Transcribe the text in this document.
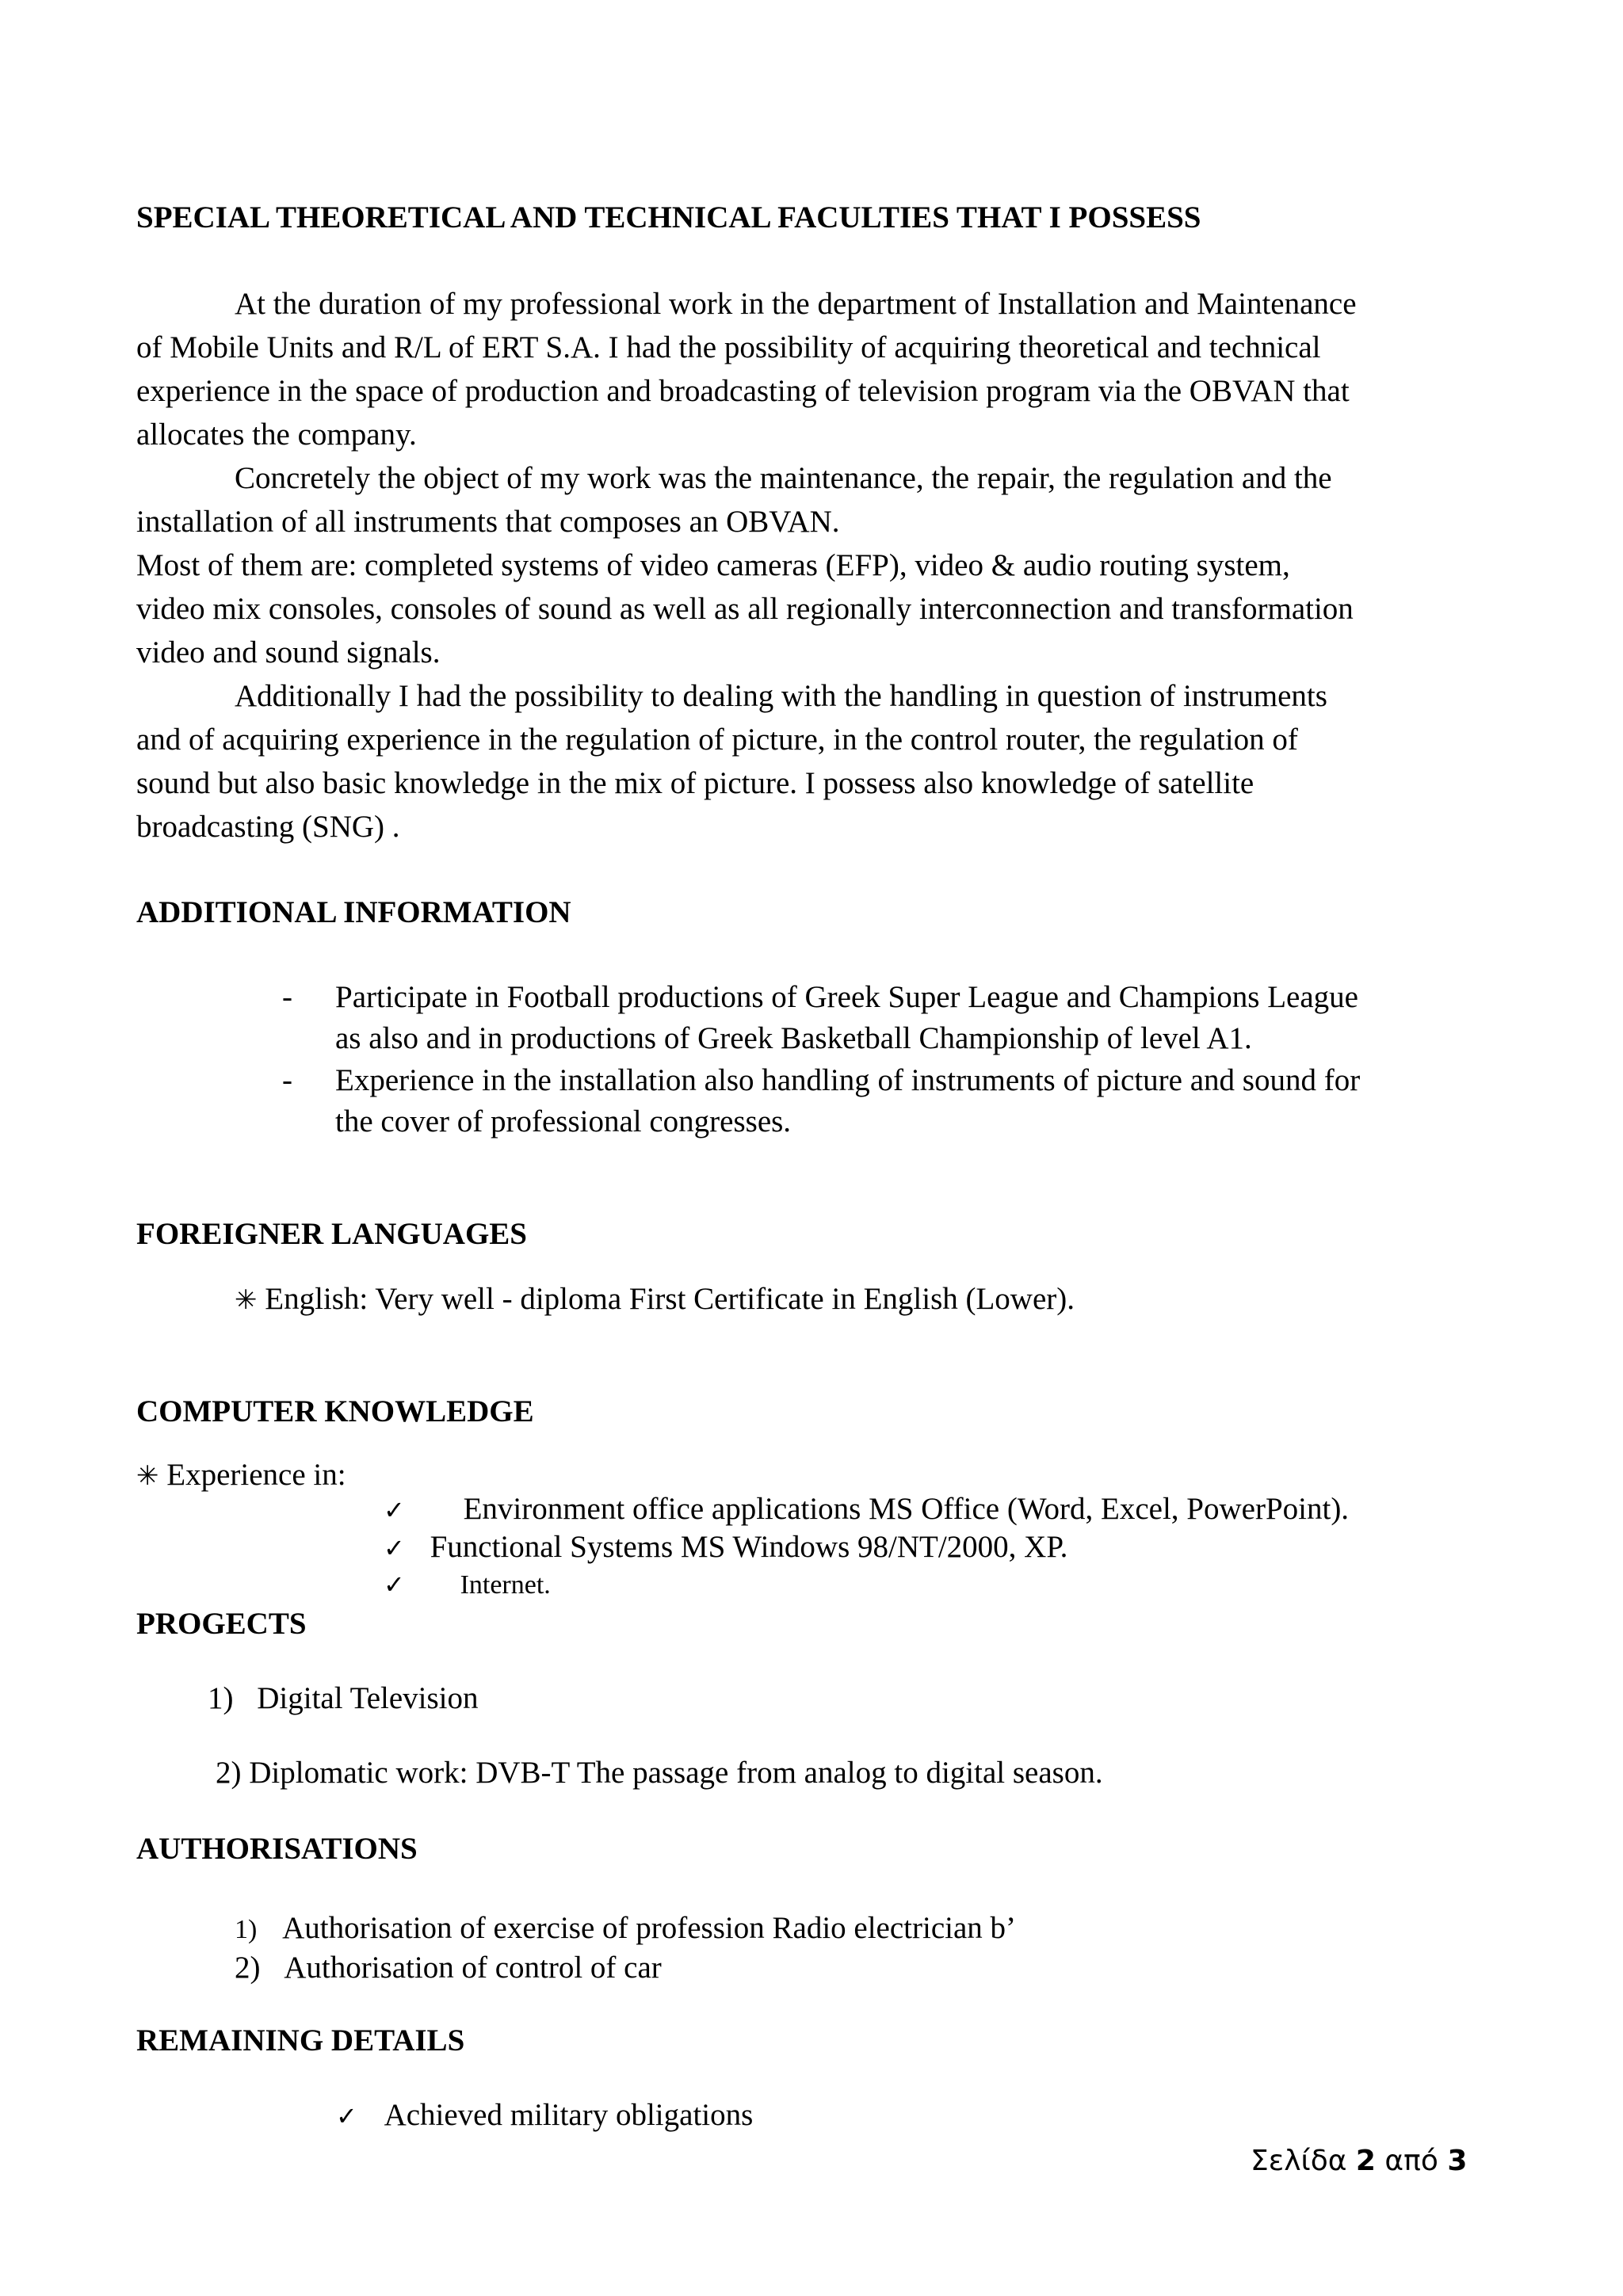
SPECIAL THEORETICAL AND TECHNICAL FACULTIES THAT I POSSESS
At the duration of my professional work in the department of Installation and Maintenance
of Mobile Units and R/L of ERT S.A. I had the possibility of acquiring theoretical and technical
experience in the space of production and broadcasting of television program via the OBVAN that
allocates the company.
Concretely the object of my work was the maintenance, the repair, the regulation and the
installation of all instruments that composes an OBVAN.
Most of them are: completed systems of video cameras (EFP), video & audio routing system,
video mix consoles, consoles of sound as well as all regionally interconnection and transformation
video and sound signals.
Additionally I had the possibility to dealing with the handling in question of instruments
and of acquiring experience in the regulation of picture, in the control router, the regulation of
sound but also basic knowledge in the mix of picture. I possess also knowledge of satellite
broadcasting (SNG) .
ADDITIONAL INFORMATION
- Participate in Football productions of Greek Super League and Champions League
as also and in productions of Greek Basketball Championship of level A1.
- Experience in the installation also handling of instruments of picture and sound for
the cover of professional congresses.
FOREIGNER LANGUAGES
✳ English: Very well - diploma First Certificate in English (Lower).
COMPUTER KNOWLEDGE
✳ Experience in:
✓ Environment office applications MS Office (Word, Excel, PowerPoint).
✓ Functional Systems MS Windows 98/NT/2000, XP.
✓ Internet.
PROGECTS
1) Digital Television
2) Diplomatic work: DVB-T The passage from analog to digital season.
AUTHORISATIONS
1) Authorisation of exercise of profession Radio electrician b’
2) Authorisation of control of car
REMAINING DETAILS
✓ Achieved military obligations
Σελίδα 2 από 3
